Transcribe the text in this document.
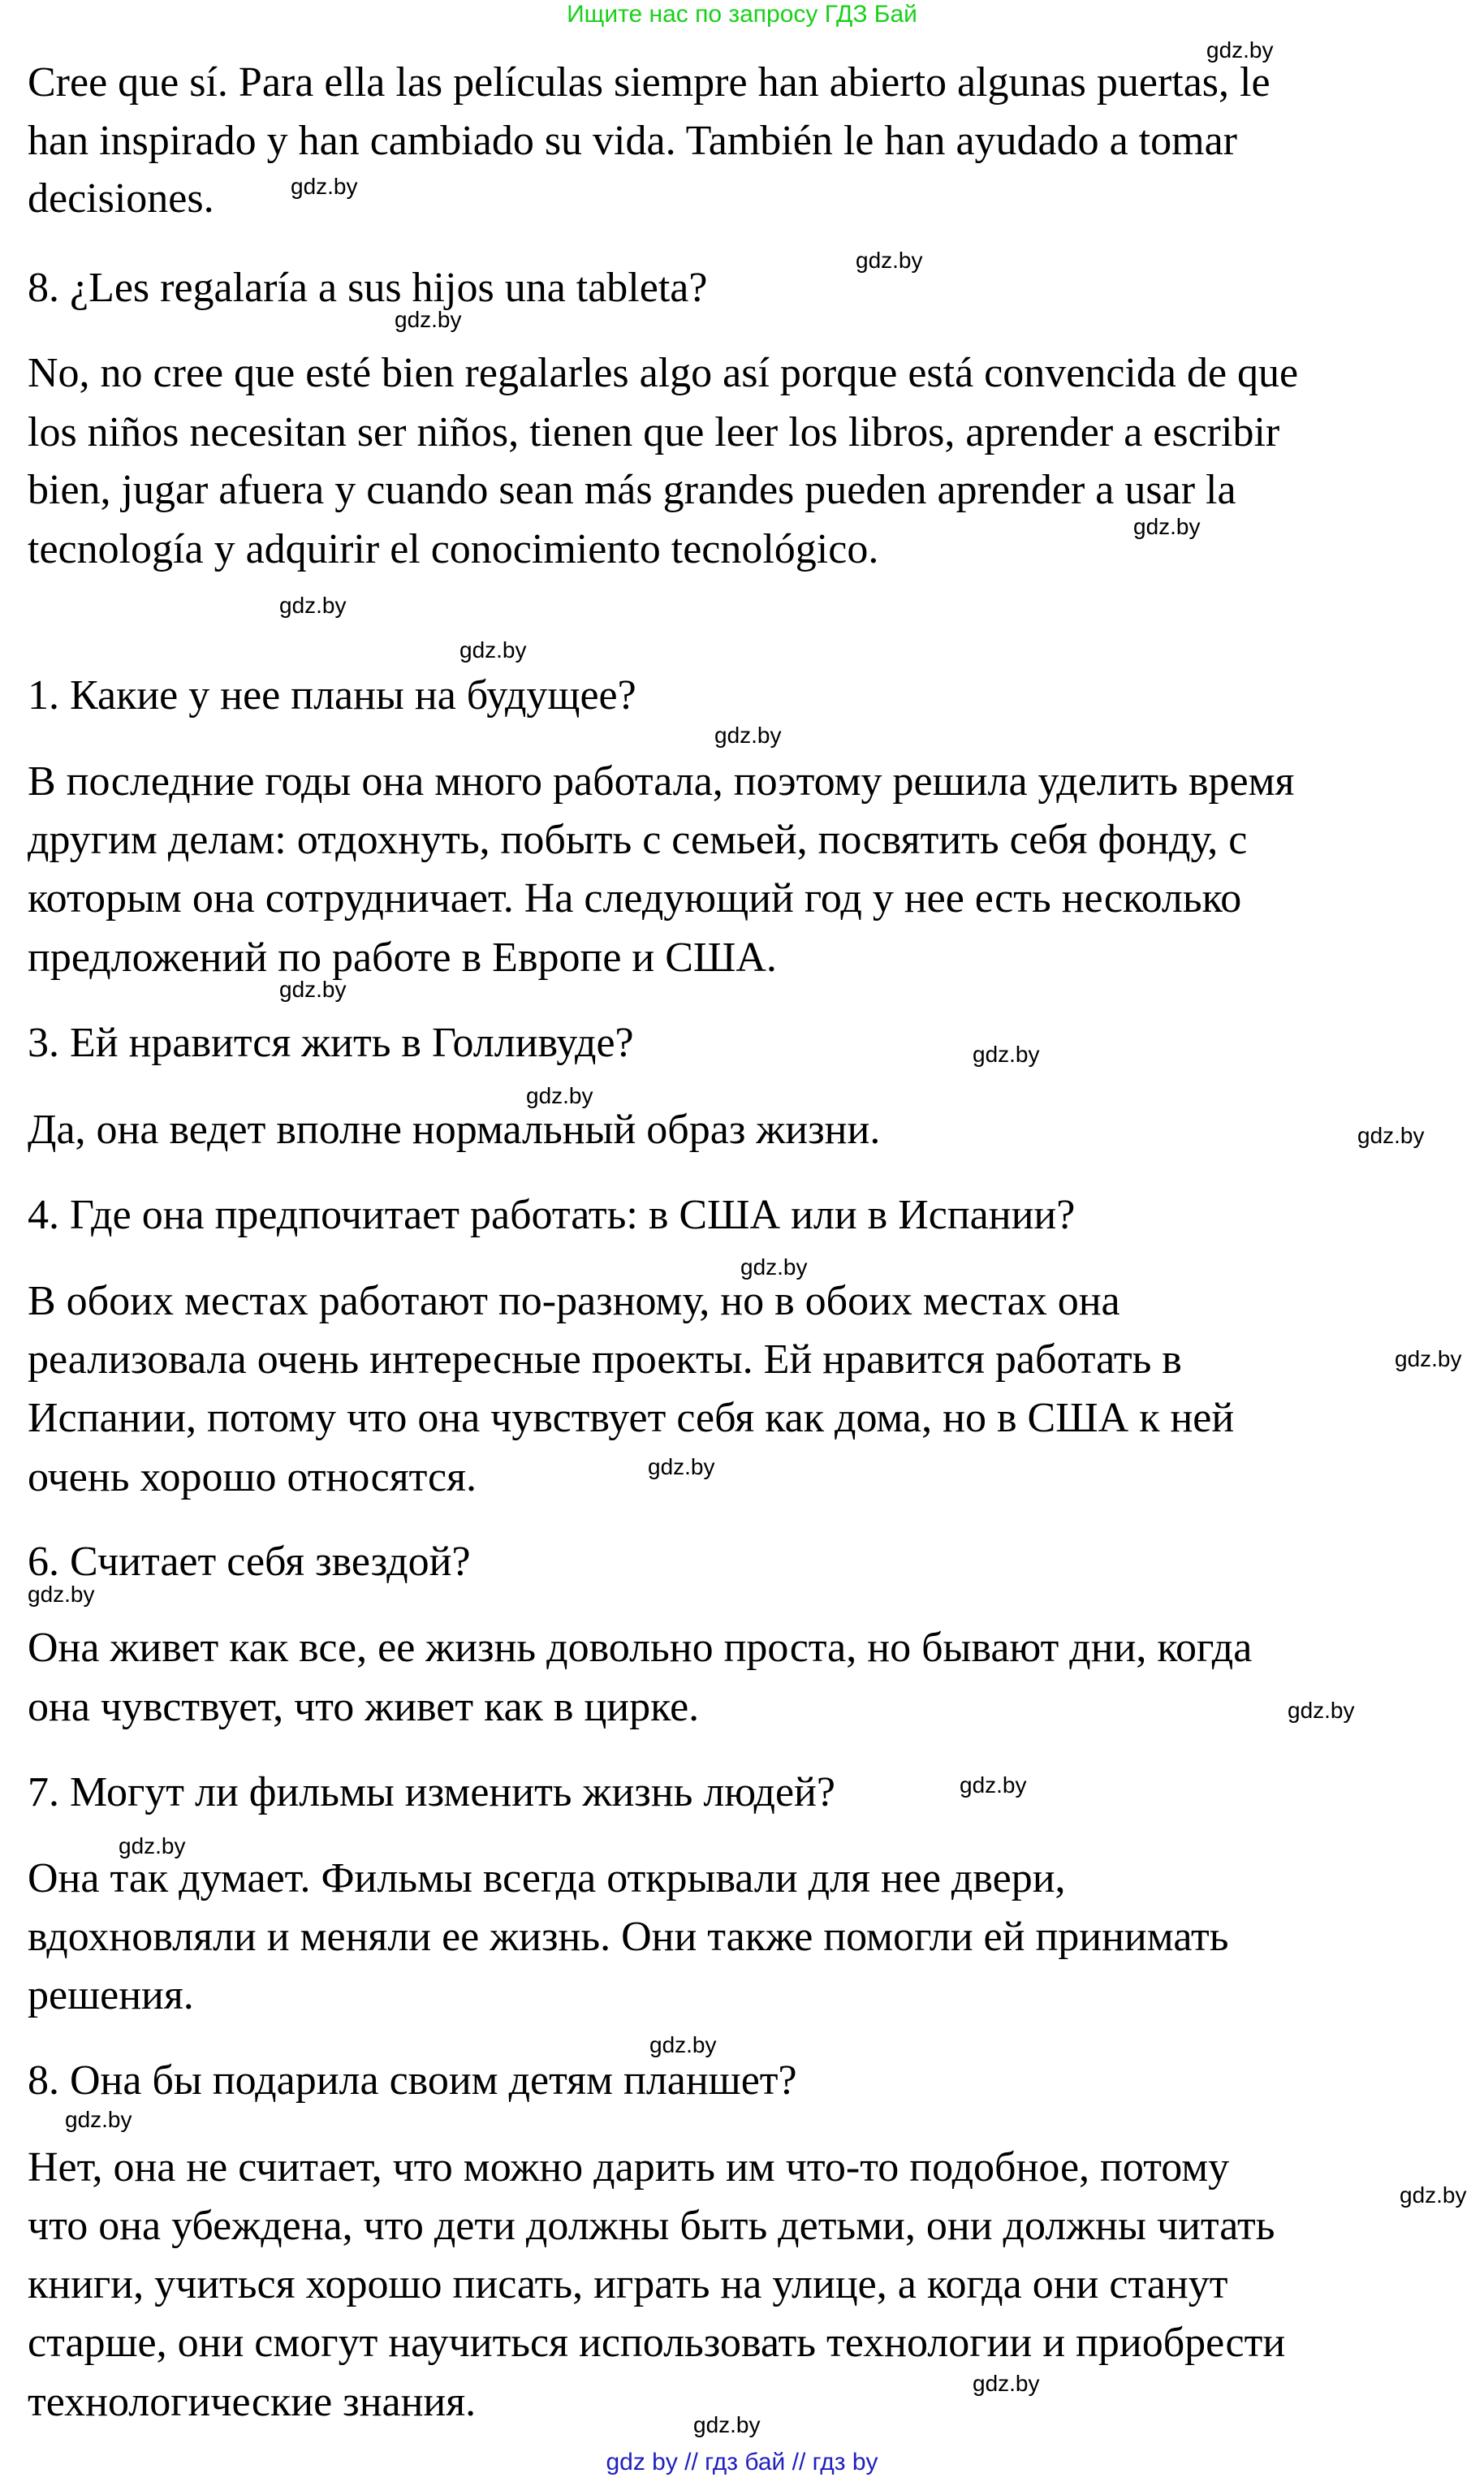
Ищите нас по запросу ГДЗ Бай
Cree que sí. Para ella las películas siempre han abierto algunas puertas, le
han inspirado y han cambiado su vida. También le han ayudado a tomar
decisiones.
8. ¿Les regalaría a sus hijos una tableta?
No, no cree que esté bien regalarles algo así porque está convencida de que
los niños necesitan ser niños, tienen que leer los libros, aprender a escribir
bien, jugar afuera y cuando sean más grandes pueden aprender a usar la
tecnología y adquirir el conocimiento tecnológico.
1. Какие у нее планы на будущее?
В последние годы она много работала, поэтому решила уделить время
другим делам: отдохнуть, побыть с семьей, посвятить себя фонду, с
которым она сотрудничает. На следующий год у нее есть несколько
предложений по работе в Европе и США.
3. Ей нравится жить в Голливуде?
Да, она ведет вполне нормальный образ жизни.
4. Где она предпочитает работать: в США или в Испании?
В обоих местах работают по-разному, но в обоих местах она
реализовала очень интересные проекты. Ей нравится работать в
Испании, потому что она чувствует себя как дома, но в США к ней
очень хорошо относятся.
6. Считает себя звездой?
Она живет как все, ее жизнь довольно проста, но бывают дни, когда
она чувствует, что живет как в цирке.
7. Могут ли фильмы изменить жизнь людей?
Она так думает. Фильмы всегда открывали для нее двери,
вдохновляли и меняли ее жизнь. Они также помогли ей принимать
решения.
8. Она бы подарила своим детям планшет?
Нет, она не считает, что можно дарить им что-то подобное, потому
что она убеждена, что дети должны быть детьми, они должны читать
книги, учиться хорошо писать, играть на улице, а когда они станут
старше, они смогут научиться использовать технологии и приобрести
технологические знания.
gdz.by
gdz.by
gdz.by
gdz.by
gdz.by
gdz.by
gdz.by
gdz.by
gdz.by
gdz.by
gdz.by
gdz.by
gdz.by
gdz.by
gdz.by
gdz.by
gdz.by
gdz.by
gdz.by
gdz.by
gdz.by
gdz.by
gdz.by
gdz.by
gdz by // гдз бай // гдз by
